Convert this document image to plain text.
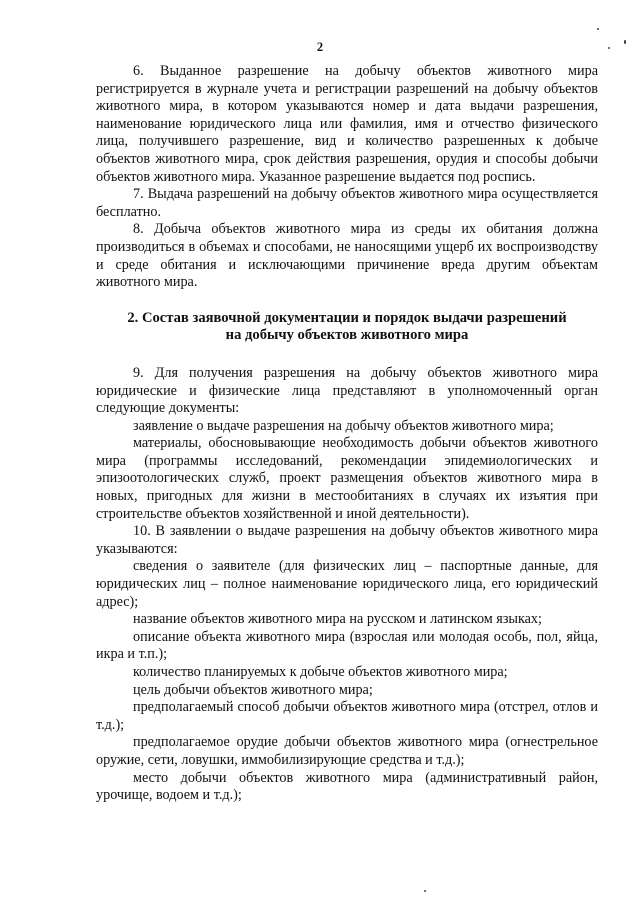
2

6. Выданное разрешение на добычу объектов животного мира регистрируется в журнале учета и регистрации разрешений на добычу объектов животного мира, в котором указываются номер и дата выдачи разрешения, наименование юридического лица или фамилия, имя и отчество физического лица, получившего разрешение, вид и количество разрешенных к добыче объектов животного мира, срок действия разрешения, орудия и способы добычи объектов животного мира. Указанное разрешение выдается под роспись.

7. Выдача разрешений на добычу объектов животного мира осуществляется бесплатно.

8. Добыча объектов животного мира из среды их обитания должна производиться в объемах и способами, не наносящими ущерб их воспроизводству и среде обитания и исключающими причинение вреда другим объектам животного мира.

2. Состав заявочной документации и порядок выдачи разрешений

на добычу объектов животного мира

9. Для получения разрешения на добычу объектов животного мира юридические и физические лица представляют в уполномоченный орган следующие документы:

заявление о выдаче разрешения на добычу объектов животного мира;

материалы, обосновывающие необходимость добычи объектов животного мира (программы исследований, рекомендации эпидемиологических и эпизоотологических служб, проект размещения объектов животного мира в новых, пригодных для жизни в местообитаниях в случаях их изъятия при строительстве объектов хозяйственной и иной деятельности).

10. В заявлении о выдаче разрешения на добычу объектов животного мира указываются:

сведения о заявителе (для физических лиц – паспортные данные, для юридических лиц – полное наименование юридического лица, его юридический адрес);

название объектов животного мира на русском и латинском языках;

описание объекта животного мира (взрослая или молодая особь, пол, яйца, икра и т.п.);

количество планируемых к добыче объектов животного мира;

цель добычи объектов животного мира;

предполагаемый способ добычи объектов животного мира (отстрел, отлов и т.д.);

предполагаемое орудие добычи объектов животного мира (огнестрельное оружие, сети, ловушки, иммобилизирующие средства и т.д.);

место добычи объектов животного мира (административный район, урочище, водоем и т.д.);
